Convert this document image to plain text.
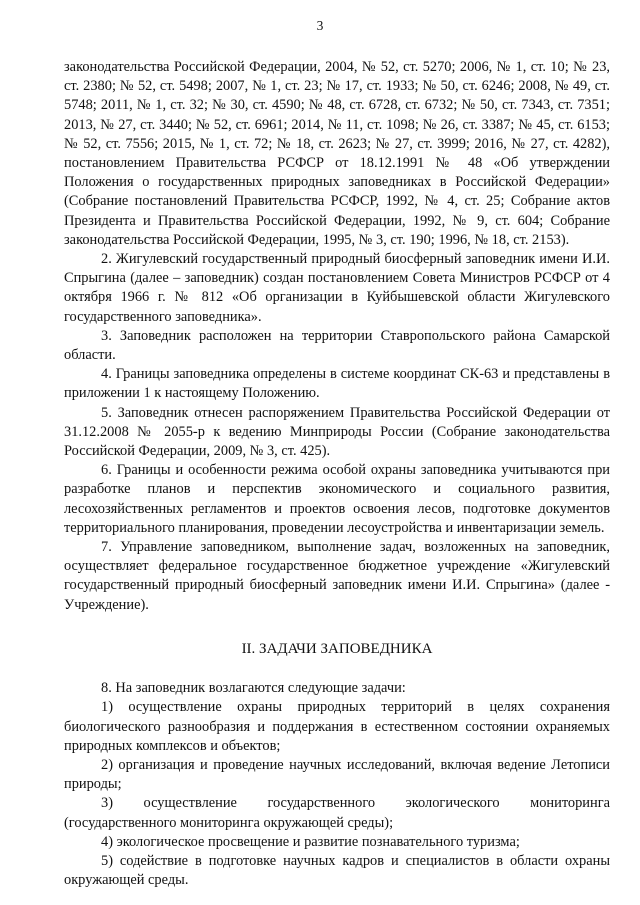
3

законодательства Российской Федерации, 2004, № 52, ст. 5270; 2006, № 1, ст. 10; № 23, ст. 2380; № 52, ст. 5498; 2007, № 1, ст. 23; № 17, ст. 1933; № 50, ст. 6246; 2008, № 49, ст. 5748; 2011, № 1, ст. 32; № 30, ст. 4590; № 48, ст. 6728, ст. 6732; № 50, ст. 7343, ст. 7351; 2013, № 27, ст. 3440; № 52, ст. 6961; 2014, № 11, ст. 1098; № 26, ст. 3387; № 45, ст. 6153; № 52, ст. 7556; 2015, № 1, ст. 72; № 18, ст. 2623; № 27, ст. 3999; 2016, № 27, ст. 4282), постановлением Правительства РСФСР от 18.12.1991 № 48 «Об утверждении Положения о государственных природных заповедниках в Российской Федерации» (Собрание постановлений Правительства РСФСР, 1992, № 4, ст. 25; Собрание актов Президента и Правительства Российской Федерации, 1992, № 9, ст. 604; Собрание законодательства Российской Федерации, 1995, № 3, ст. 190; 1996, № 18, ст. 2153).

2. Жигулевский государственный природный биосферный заповедник имени И.И. Спрыгина (далее – заповедник) создан постановлением Совета Министров РСФСР от 4 октября 1966 г. № 812 «Об организации в Куйбышевской области Жигулевского государственного заповедника».

3. Заповедник расположен на территории Ставропольского района Самарской области.

4. Границы заповедника определены в системе координат СК-63 и представлены в приложении 1 к настоящему Положению.

5. Заповедник отнесен распоряжением Правительства Российской Федерации от 31.12.2008 № 2055-р к ведению Минприроды России (Собрание законодательства Российской Федерации, 2009, № 3, ст. 425).

6. Границы и особенности режима особой охраны заповедника учитываются при разработке планов и перспектив экономического и социального развития, лесохозяйственных регламентов и проектов освоения лесов, подготовке документов территориального планирования, проведении лесоустройства и инвентаризации земель.

7. Управление заповедником, выполнение задач, возложенных на заповедник, осуществляет федеральное государственное бюджетное учреждение «Жигулевский государственный природный биосферный заповедник имени И.И. Спрыгина» (далее - Учреждение).

II. ЗАДАЧИ ЗАПОВЕДНИКА

8. На заповедник возлагаются следующие задачи:

1) осуществление охраны природных территорий в целях сохранения биологического разнообразия и поддержания в естественном состоянии охраняемых природных комплексов и объектов;

2) организация и проведение научных исследований, включая ведение Летописи природы;

3) осуществление государственного экологического мониторинга (государственного мониторинга окружающей среды);

4) экологическое просвещение и развитие познавательного туризма;

5) содействие в подготовке научных кадров и специалистов в области охраны окружающей среды.
